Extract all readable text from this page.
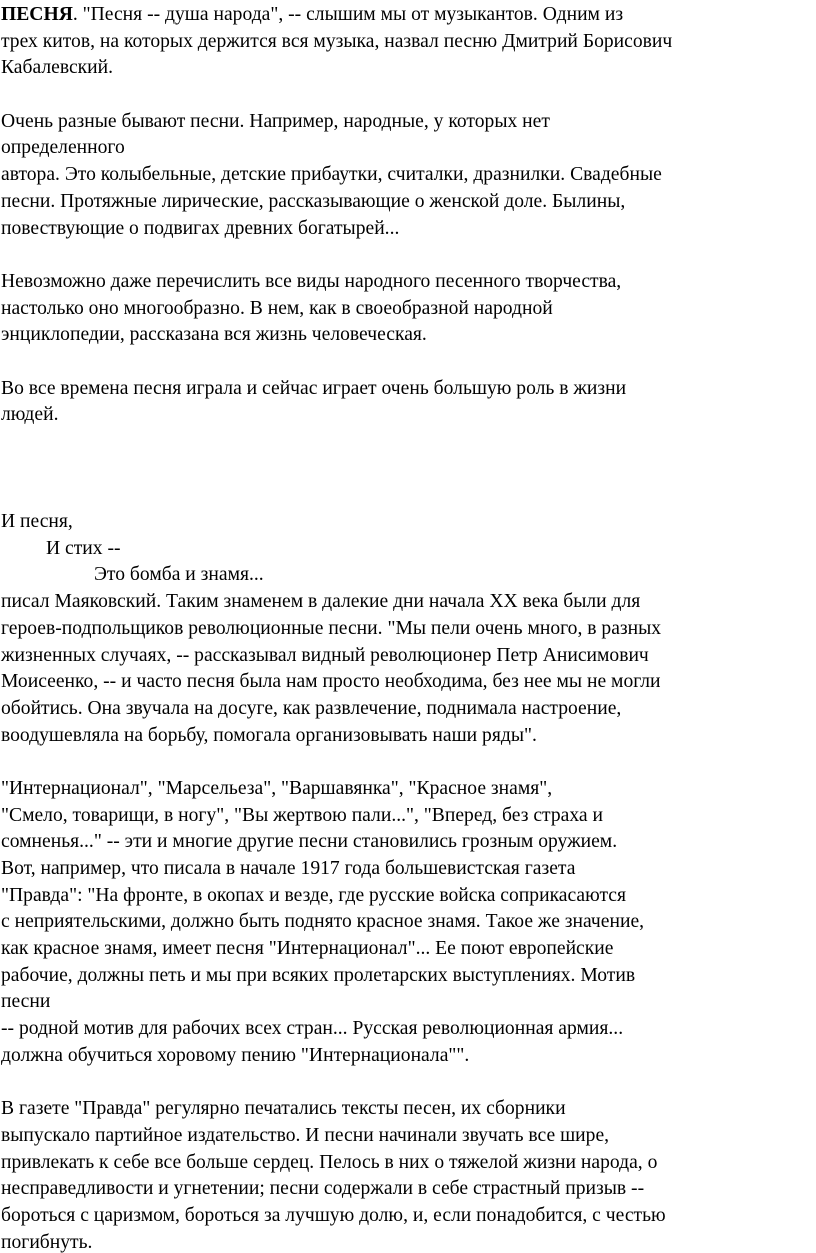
ПЕСНЯ. "Песня -- душа народа", -- слышим мы от музыкантов. Одним из
трех китов, на которых держится вся музыка, назвал песню Дмитрий Борисович
Кабалевский.
Очень разные бывают песни. Например, народные, у которых нет
определенного
автора. Это колыбельные, детские прибаутки, считалки, дразнилки. Свадебные
песни. Протяжные лирические, рассказывающие о женской доле. Былины,
повествующие о подвигах древних богатырей...
Невозможно даже перечислить все виды народного песенного творчества,
настолько оно многообразно. В нем, как в своеобразной народной
энциклопедии, рассказана вся жизнь человеческая.
Во все времена песня играла и сейчас играет очень большую роль в жизни
людей.
И песня,
И стих --
Это бомба и знамя...
писал Маяковский. Таким знаменем в далекие дни начала XX века были для
героев-подпольщиков революционные песни. "Мы пели очень много, в разных
жизненных случаях, -- рассказывал видный революционер Петр Анисимович
Моисеенко, -- и часто песня была нам просто необходима, без нее мы не могли
обойтись. Она звучала на досуге, как развлечение, поднимала настроение,
воодушевляла на борьбу, помогала организовывать наши ряды".
"Интернационал", "Марсельеза", "Варшавянка", "Красное знамя",
"Смело, товарищи, в ногу", "Вы жертвою пали...", "Вперед, без страха и
сомненья..." -- эти и многие другие песни становились грозным оружием.
Вот, например, что писала в начале 1917 года большевистская газета
"Правда": "На фронте, в окопах и везде, где русские войска соприкасаются
с неприятельскими, должно быть поднято красное знамя. Такое же значение,
как красное знамя, имеет песня "Интернационал"... Ее поют европейские
рабочие, должны петь и мы при всяких пролетарских выступлениях. Мотив
песни
-- родной мотив для рабочих всех стран... Русская революционная армия...
должна обучиться хоровому пению "Интернационала"".
В газете "Правда" регулярно печатались тексты песен, их сборники
выпускало партийное издательство. И песни начинали звучать все шире,
привлекать к себе все больше сердец. Пелось в них о тяжелой жизни народа, о
несправедливости и угнетении; песни содержали в себе страстный призыв --
бороться с царизмом, бороться за лучшую долю, и, если понадобится, с честью
погибнуть.
